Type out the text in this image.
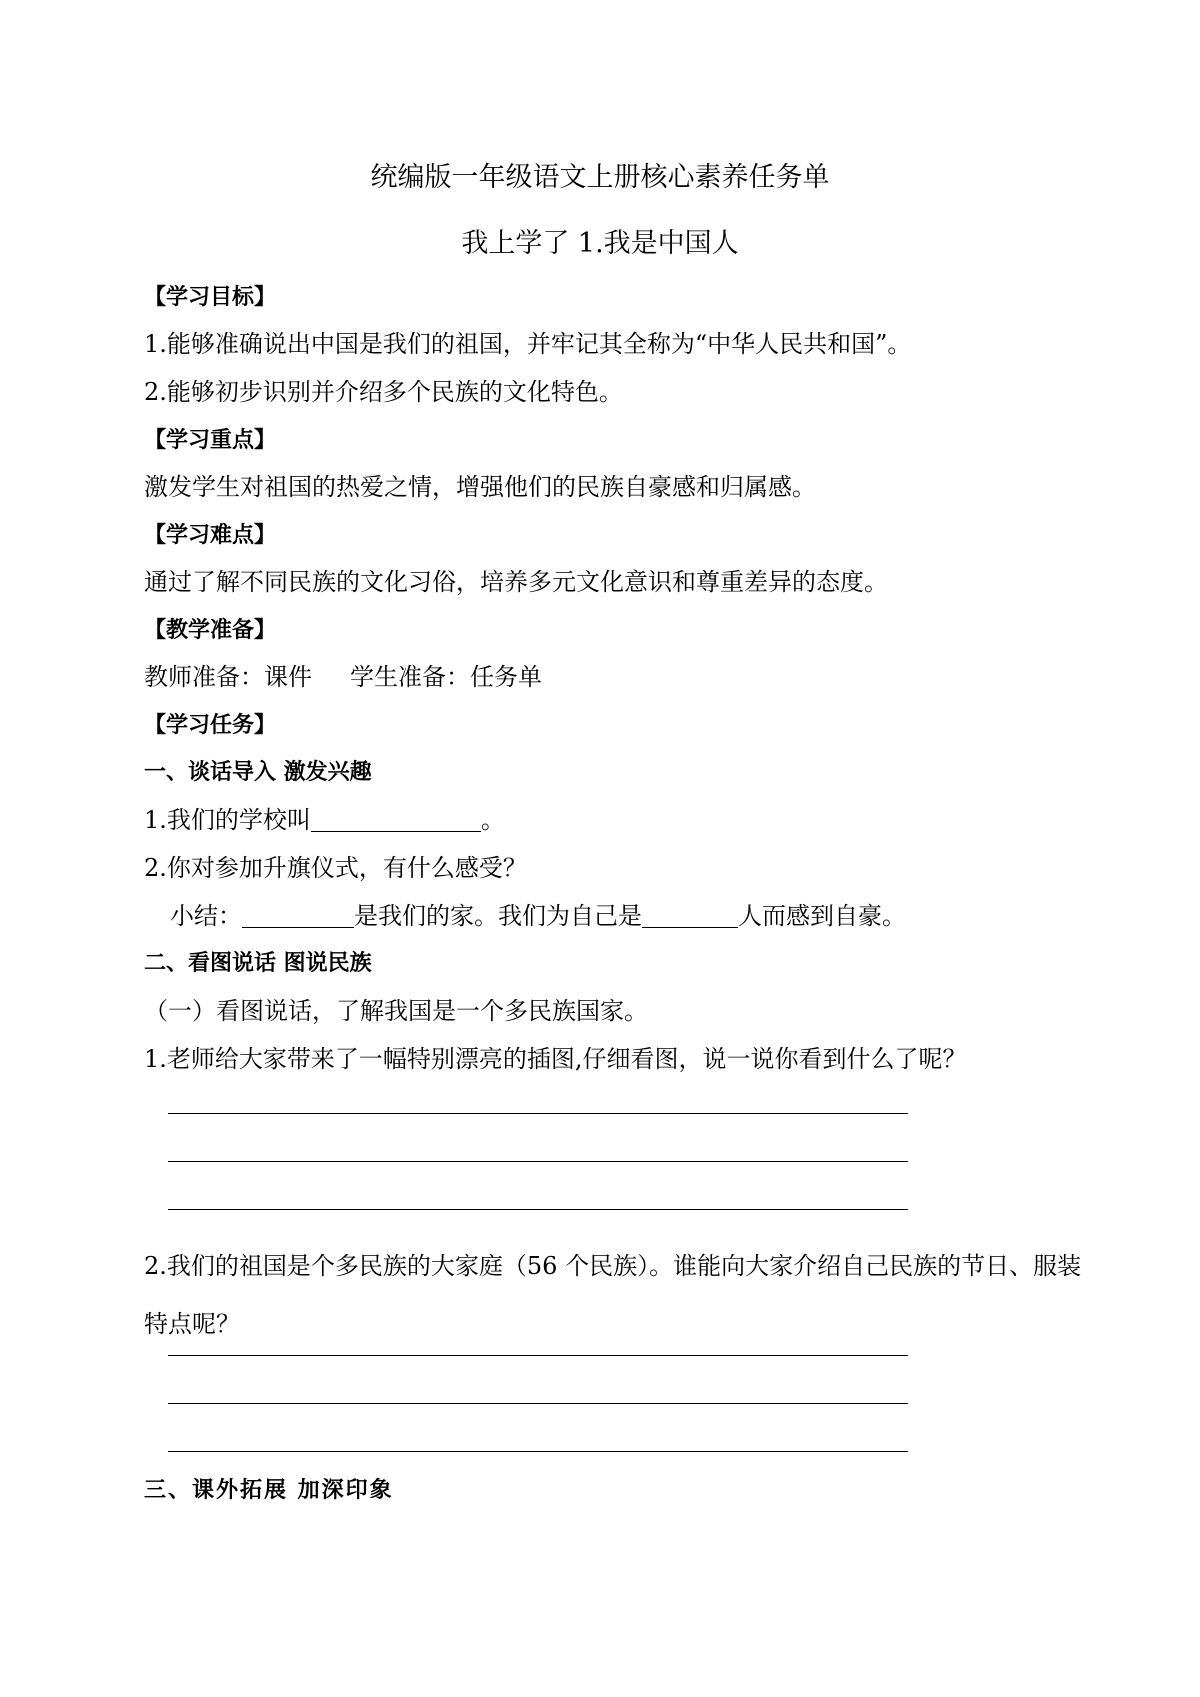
统编版一年级语文上册核心素养任务单
我上学了 1.我是中国人
【学习目标】
1.能够准确说出中国是我们的祖国，并牢记其全称为“中华人民共和国”。
2.能够初步识别并介绍多个民族的文化特色。
【学习重点】
激发学生对祖国的热爱之情，增强他们的民族自豪感和归属感。
【学习难点】
通过了解不同民族的文化习俗，培养多元文化意识和尊重差异的态度。
【教学准备】
教师准备：课件 学生准备：任务单
【学习任务】
一、谈话导入 激发兴趣
1.我们的学校叫	。
2.你对参加升旗仪式，有什么感受？
小结：	是我们的家。我们为自己是	人而感到自豪。
二、看图说话 图说民族
（一）看图说话，了解我国是一个多民族国家。
1.老师给大家带来了一幅特别漂亮的插图,仔细看图，说一说你看到什么了呢？
2.我们的祖国是个多民族的大家庭（56 个民族）。谁能向大家介绍自己民族的节日、服装特点呢？
三、课外拓展 加深印象
